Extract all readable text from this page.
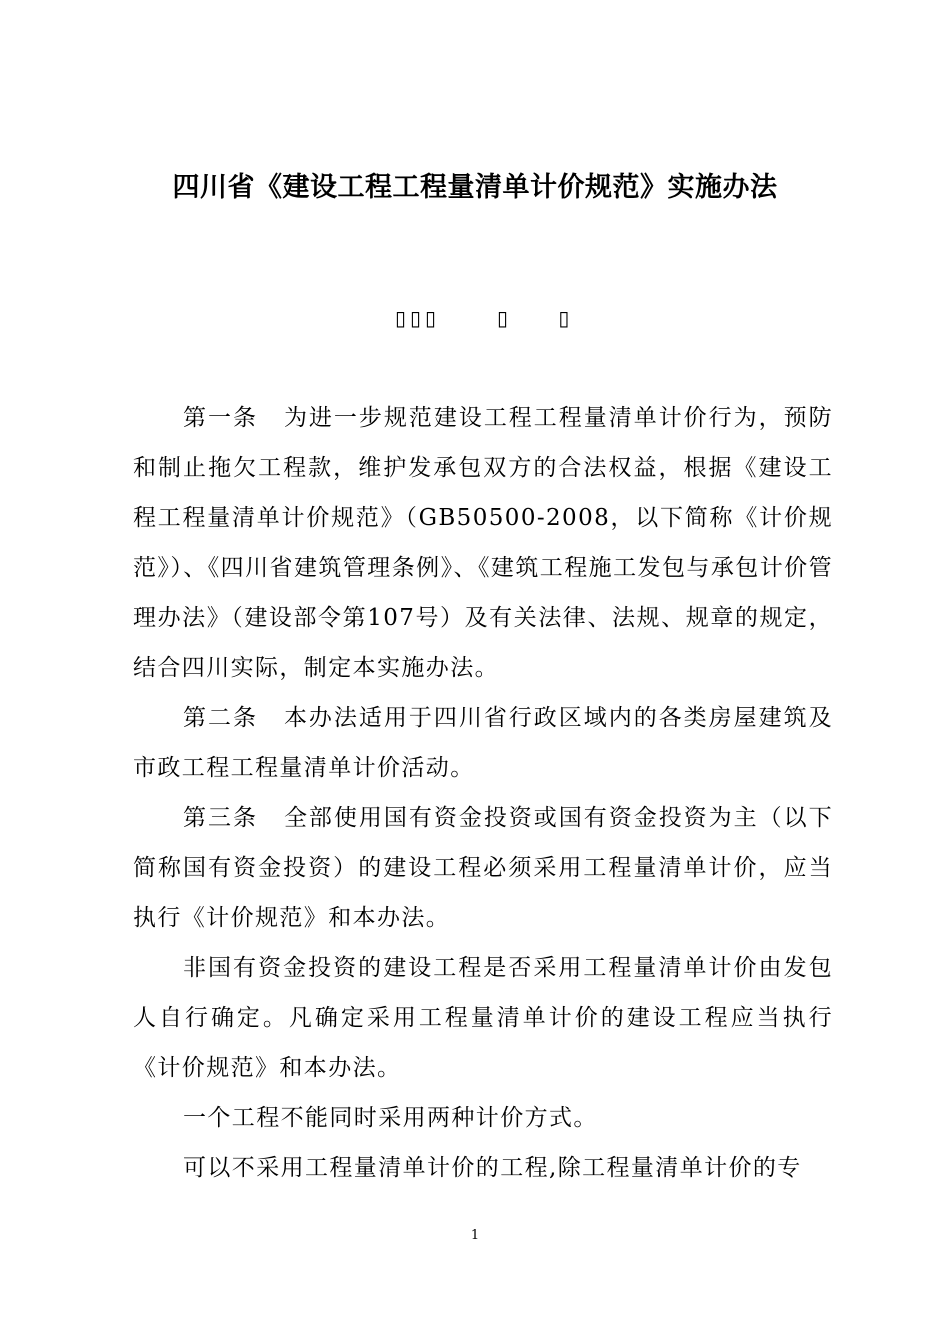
四川省《建设工程工程量清单计价规范》实施办法
▯▯▯	▯ ▯

第一条 为进一步规范建设工程工程量清单计价行为，预防和制止拖欠工程款，维护发承包双方的合法权益，根据《建设工程工程量清单计价规范》（GB50500-2008，以下简称《计价规范》）、《四川省建筑管理条例》、《建筑工程施工发包与承包计价管理办法》（建设部令第107号）及有关法律、法规、规章的规定，结合四川实际，制定本实施办法。

第二条 本办法适用于四川省行政区域内的各类房屋建筑及市政工程工程量清单计价活动。

第三条 全部使用国有资金投资或国有资金投资为主（以下简称国有资金投资）的建设工程必须采用工程量清单计价，应当执行《计价规范》和本办法。

非国有资金投资的建设工程是否采用工程量清单计价由发包人自行确定。凡确定采用工程量清单计价的建设工程应当执行《计价规范》和本办法。

一个工程不能同时采用两种计价方式。

可以不采用工程量清单计价的工程,除工程量清单计价的专

1
